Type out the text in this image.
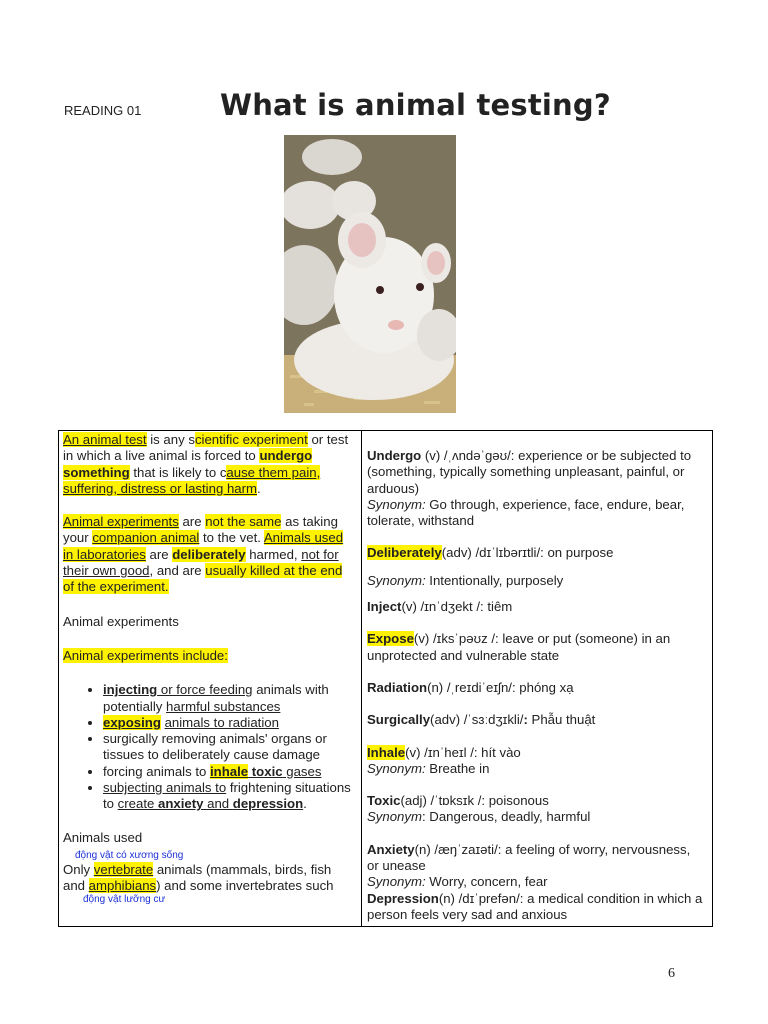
READING 01	What is animal testing?

An animal test is any scientific experiment or test in which a live animal is forced to undergo something that is likely to cause them pain, suffering, distress or lasting harm.

Animal experiments are not the same as taking your companion animal to the vet. Animals used in laboratories are deliberately harmed, not for their own good, and are usually killed at the end of the experiment.

Animal experiments

Animal experiments include:

• injecting or force feeding animals with potentially harmful substances
• exposing animals to radiation
• surgically removing animals' organs or tissues to deliberately cause damage
• forcing animals to inhale toxic gases
• subjecting animals to frightening situations to create anxiety and depression.

Animals used

động vật có xương sống

Only vertebrate animals (mammals, birds, fish and amphibians) and some invertebrates such

động vật lưỡng cư

Undergo (v) /ˌʌndəˈɡəʊ/: experience or be subjected to (something, typically something unpleasant, painful, or arduous)

Synonym: Go through, experience, face, endure, bear, tolerate, withstand

Deliberately(adv) /dɪˈlɪbərɪtli/: on purpose

Synonym: Intentionally, purposely

Inject(v) /ɪnˈdʒekt /: tiêm

Expose(v) /ɪksˈpəʊz /: leave or put (someone) in an unprotected and vulnerable state

Radiation(n) /ˌreɪdiˈeɪʃn/: phóng xạ

Surgically(adv) /ˈsɜːdʒɪkli/: Phẫu thuật

Inhale(v) /ɪnˈheɪl /: hít vào

Synonym: Breathe in

Toxic(adj) /ˈtɒksɪk /: poisonous

Synonym: Dangerous, deadly, harmful

Anxiety(n) /æŋˈzaɪəti/: a feeling of worry, nervousness, or unease

Synonym: Worry, concern, fear

Depression(n) /dɪˈprefən/: a medical condition in which a person feels very sad and anxious

6
